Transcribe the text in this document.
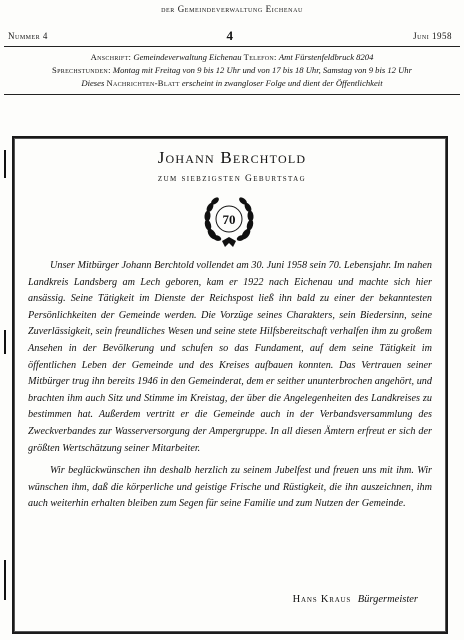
der Gemeindeverwaltung Eichenau
Nummer 4	4	Juni 1958
Anschrift: Gemeindeverwaltung Eichenau Telefon: Amt Fürstenfeldbruck 8204
Sprechstunden: Montag mit Freitag von 9 bis 12 Uhr und von 17 bis 18 Uhr, Samstag von 9 bis 12 Uhr
Dieses Nachrichten-Blatt erscheint in zwangloser Folge und dient der Öffentlichkeit
Johann Berchtold
zum siebzigsten Geburtstag
70

Unser Mitbürger Johann Berchtold vollendet am 30. Juni 1958 sein 70. Lebensjahr. Im nahen Landkreis Landsberg am Lech geboren, kam er 1922 nach Eichenau und machte sich hier ansässig. Seine Tätigkeit im Dienste der Reichspost ließ ihn bald zu einer der bekanntesten Persönlichkeiten der Gemeinde werden. Die Vorzüge seines Charakters, sein Biedersinn, seine Zuverlässigkeit, sein freundliches Wesen und seine stete Hilfsbereitschaft verhalfen ihm zu großem Ansehen in der Bevölkerung und schufen so das Fundament, auf dem seine Tätigkeit im öffentlichen Leben der Gemeinde und des Kreises aufbauen konnten. Das Vertrauen seiner Mitbürger trug ihn bereits 1946 in den Gemeinderat, dem er seither ununterbrochen angehört, und brachten ihm auch Sitz und Stimme im Kreistag, der über die Angelegenheiten des Landkreises zu bestimmen hat. Außerdem vertritt er die Gemeinde auch in der Verbandsversammlung des Zweckverbandes zur Wasserversorgung der Ampergruppe. In all diesen Ämtern erfreut er sich der größten Wertschätzung seiner Mitarbeiter.

Wir beglückwünschen ihn deshalb herzlich zu seinem Jubelfest und freuen uns mit ihm. Wir wünschen ihm, daß die körperliche und geistige Frische und Rüstigkeit, die ihn auszeichnen, ihm auch weiterhin erhalten bleiben zum Segen für seine Familie und zum Nutzen der Gemeinde.

Hans Kraus Bürgermeister
